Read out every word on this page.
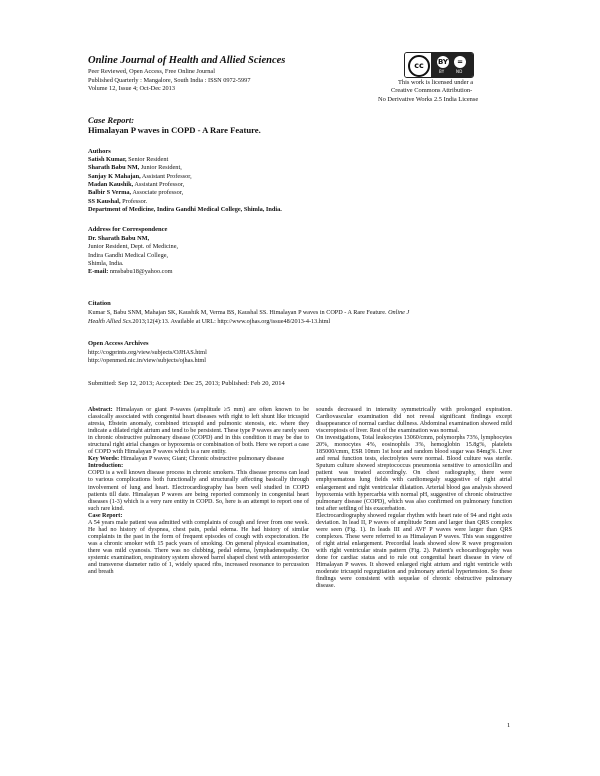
Online Journal of Health and Allied Sciences
Peer Reviewed, Open Access, Free Online Journal
Published Quarterly : Mangalore, South India : ISSN 0972-5997
Volume 12, Issue 4; Oct-Dec 2013
cc	BY	=
BY	ND
This work is licensed under a
Creative Commons Attribution-
No Derivative Works 2.5 India License
Case Report:
Himalayan P waves in COPD - A Rare Feature.
Authors
Satish Kumar, Senior Resident
Sharath Babu NM, Junior Resident,
Sanjay K Mahajan, Assistant Professor,
Madan Kaushik, Assistant Professor,
Balbir S Verma, Associate professor,
SS Kaushal, Professor.
Department of Medicine, Indira Gandhi Medical College, Shimla, India.
Address for Correspondence
Dr. Sharath Babu NM,
Junior Resident, Dept. of Medicine,
Indira Gandhi Medical College,
Shimla, India.
E-mail: nmsbabu18@yahoo.com
Citation
Kumar S, Babu SNM, Mahajan SK, Kaushik M, Verma BS, Kaushal SS. Himalayan P waves in COPD - A Rare Feature. Online J
Health Allied Scs.2013;12(4):13. Available at URL: http://www.ojhas.org/issue48/2013-4-13.html
Open Access Archives
http://cogprints.org/view/subjects/OJHAS.html
http://openmed.nic.in/view/subjects/ojhas.html
Submitted: Sep 12, 2013; Accepted: Dec 25, 2013; Published: Feb 20, 2014

Abstract: Himalayan or giant P-waves (amplitude ≥5 mm) are often known to be classically associated with congenital heart diseases with right to left shunt like tricuspid atresia, Ebstein anomaly, combined tricuspid and pulmonic stenosis, etc. where they indicate a dilated right atrium and tend to be persistent. These type P waves are rarely seen in chronic obstructive pulmonary disease (COPD) and in this condition it may be due to structural right atrial changes or hypoxemia or combination of both. Here we report a case of COPD with Himalayan P waves which is a rare entity.

Key Words: Himalayan P waves; Giant; Chronic obstructive pulmonary disease

Introduction:

COPD is a well known disease process in chronic smokers. This disease process can lead to various complications both functionally and structurally affecting basically through involvement of lung and heart. Electrocardiography has been well studied in COPD patients till date. Himalayan P waves are being reported commonly in congenital heart diseases (1-3) which is a very rare entity in COPD. So, here is an attempt to report one of such rare kind.

Case Report:

A 54 years male patient was admitted with complaints of cough and fever from one week. He had no history of dyspnea, chest pain, pedal edema. He had history of similar complaints in the past in the form of frequent episodes of cough with expectoration. He was a chronic smoker with 15 pack years of smoking. On general physical examination, there was mild cyanosis. There was no clubbing, pedal edema, lymphadenopathy. On systemic examination, respiratory system showed barrel shaped chest with anteroposterior and transverse diameter ratio of 1, widely spaced ribs, increased resonance to percussion and breath

sounds decreased in intensity symmetrically with prolonged expiration. Cardiovascular examination did not reveal significant findings except disappearance of normal cardiac dullness. Abdominal examination showed mild visceroptosis of liver. Rest of the examination was normal.

On investigations, Total leukocytes 13060/cmm, polymorphs 73%, lymphocytes 20%, monocytes 4%, eosinophils 3%, hemoglobin 15.8g%, platelets 185000/cmm, ESR 10mm 1st hour and random blood sugar was 84mg%. Liver and renal function tests, electrolytes were normal. Blood culture was sterile. Sputum culture showed streptococcus pneumonia sensitive to amoxicillin and patient was treated accordingly. On chest radiography, there were emphysematous lung fields with cardiomegaly suggestive of right atrial enlargement and right ventricular dilatation. Arterial blood gas analysis showed hypoxemia with hypercarbia with normal pH, suggestive of chronic obstructive pulmonary disease (COPD), which was also confirmed on pulmonary function test after settling of his exacerbation.

Electrocardiography showed regular rhythm with heart rate of 94 and right axis deviation. In lead II, P waves of amplitude 5mm and larger than QRS complex were seen (Fig. 1). In leads III and AVF P waves were larger than QRS complexes. These were referred to as Himalayan P waves. This was suggestive of right atrial enlargement. Precordial leads showed slow R wave progression with right ventricular strain pattern (Fig. 2). Patient's echocardiography was done for cardiac status and to rule out congenital heart disease in view of Himalayan P waves. It showed enlarged right atrium and right ventricle with moderate tricuspid regurgitation and pulmonary arterial hypertension. So these findings were consistent with sequelae of chronic obstructive pulmonary disease.

1
